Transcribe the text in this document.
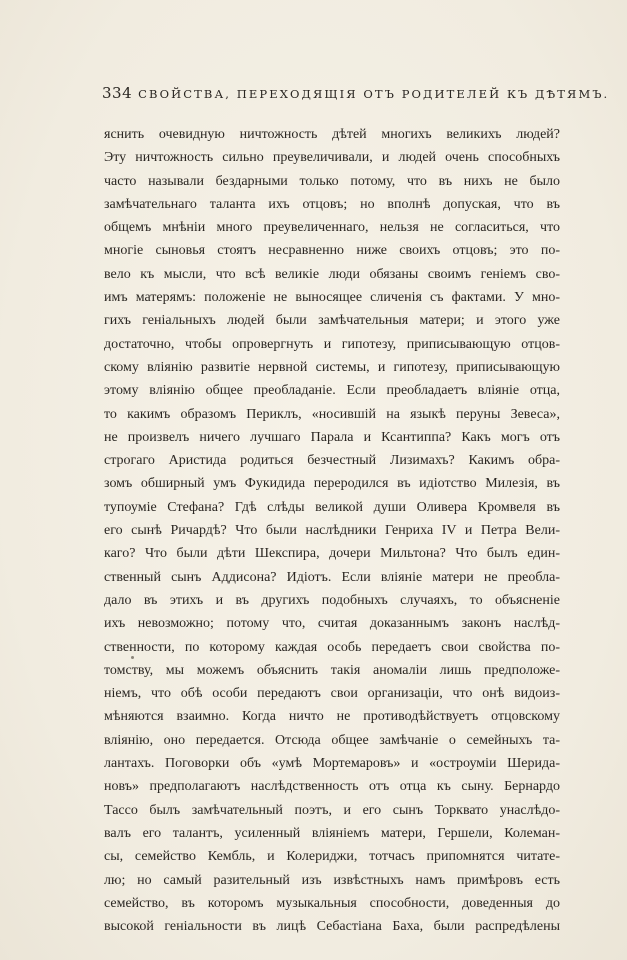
334 СВОЙСТВА, ПЕРЕХОДЯЩIЯ ОТЪ РОДИТЕЛЕЙ КЪ ДѢТЯМЪ.
яснить очевидную ничтожность дѣтей многихъ великихъ людей?
Эту ничтожность сильно преувеличивали, и людей очень способныхъ
часто называли бездарными только потому, что въ нихъ не было
замѣчательнаго таланта ихъ отцовъ; но вполнѣ допуская, что въ
общемъ мнѣнiи много преувеличеннаго, нельзя не согласиться, что
многiе сыновья стоятъ несравненно ниже своихъ отцовъ; это по-
вело къ мысли, что всѣ великiе люди обязаны своимъ генiемъ сво-
имъ матерямъ: положенiе не выносящее сличенiя съ фактами. У мно-
гихъ генiальныхъ людей были замѣчательныя матери; и этого уже
достаточно, чтобы опровергнуть и гипотезу, приписывающую отцов-
скому влiянiю развитiе нервной системы, и гипотезу, приписывающую
этому влiянiю общее преобладанiе. Если преобладаетъ влiянiе отца,
то какимъ образомъ Периклъ, «носившiй на языкѣ перуны Зевеса»,
не произвелъ ничего лучшаго Парала и Ксантиппа? Какъ могъ отъ
строгаго Аристида родиться безчестный Лизимахъ? Какимъ обра-
зомъ обширный умъ Фукидида переродился въ идiотство Милезiя, въ
тупоумiе Стефана? Гдѣ слѣды великой души Оливера Кромвеля въ
его сынѣ Ричардѣ? Что были наслѣдники Генриха IV и Петра Вели-
каго? Что были дѣти Шекспира, дочери Мильтона? Что былъ един-
ственный сынъ Аддисона? Идiотъ. Если влiянiе матери не преобла-
дало въ этихъ и въ другихъ подобныхъ случаяхъ, то объясненiе
ихъ невозможно; потому что, считая доказаннымъ законъ наслѣд-
ственности, по которому каждая особь передаетъ свои свойства по-
томству, мы можемъ объяснить такiя аномалiи лишь предположе-
нiемъ, что обѣ особи передаютъ свои организацiи, что онѣ видоиз-
мѣняются взаимно. Когда ничто не противодѣйствуетъ отцовскому
влiянiю, оно передается. Отсюда общее замѣчанiе о семейныхъ та-
лантахъ. Поговорки объ «умѣ Мортемаровъ» и «остроумiи Шерида-
новъ» предполагаютъ наслѣдственность отъ отца къ сыну. Бернардо
Тассо былъ замѣчательный поэтъ, и его сынъ Торквато унаслѣдо-
валъ его талантъ, усиленный влiянiемъ матери, Гершели, Колеман-
сы, семейство Кембль, и Колериджи, тотчасъ припомнятся читате-
лю; но самый разительный изъ извѣстныхъ намъ примѣровъ есть
семейство, въ которомъ музыкальныя способности, доведенныя до
высокой генiальности въ лицѣ Себастiана Баха, были распредѣлены
